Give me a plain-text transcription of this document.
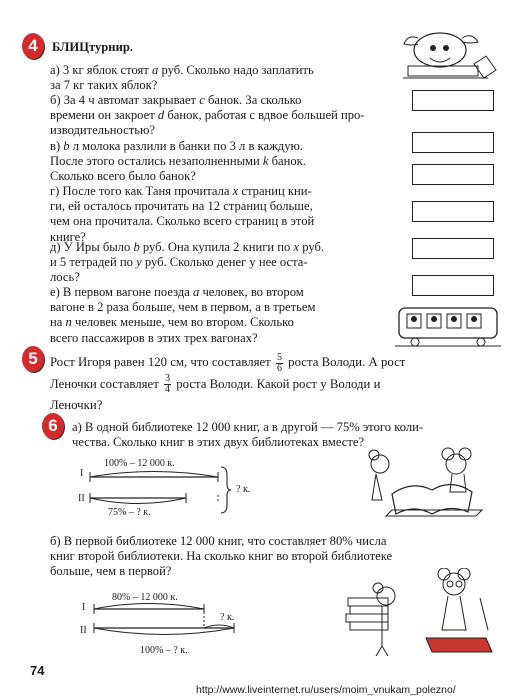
4	БЛИЦтурнир.
а) 3 кг яблок стоят a руб. Сколько надо заплатить
за 7 кг таких яблок?
б) За 4 ч автомат закрывает c банок. За сколько
времени он закроет d банок, работая с вдвое большей про-
изводительностью?
в) b л молока разлили в банки по 3 л в каждую.
После этого остались незаполненными k банок.
Сколько всего было банок?
г) После того как Таня прочитала x страниц кни-
ги, ей осталось прочитать на 12 страниц больше,
чем она прочитала. Сколько всего страниц в этой
книге?
д) У Иры было b руб. Она купила 2 книги по x руб.
и 5 тетрадей по y руб. Сколько денег у нее оста-
лось?
е) В первом вагоне поезда a человек, во втором
вагоне в 2 раза больше, чем в первом, а в третьем
на n человек меньше, чем во втором. Сколько
всего пассажиров в этих трех вагонах?
5 Рост Игоря равен 120 см, что составляет $\frac{5}{6}$ роста Володи. А рост
Леночки составляет $\frac{3}{4}$ роста Володи. Какой рост у Володи и
Леночки?
6	а) В одной библиотеке 12 000 книг, а в другой — 75% этого коли-
чества. Сколько книг в этих двух библиотеках вместе?
100% – 12 000 к.
I
II
75% – ? к.
? к.
б) В первой библиотеке 12 000 книг, что составляет 80% числа
книг второй библиотеки. На сколько книг во второй библиотеке
больше, чем в первой?
80% – 12 000 к.
I
II
? к.
100% – ? к.
74
http://www.liveinternet.ru/users/moim_vnukam_polezno/
